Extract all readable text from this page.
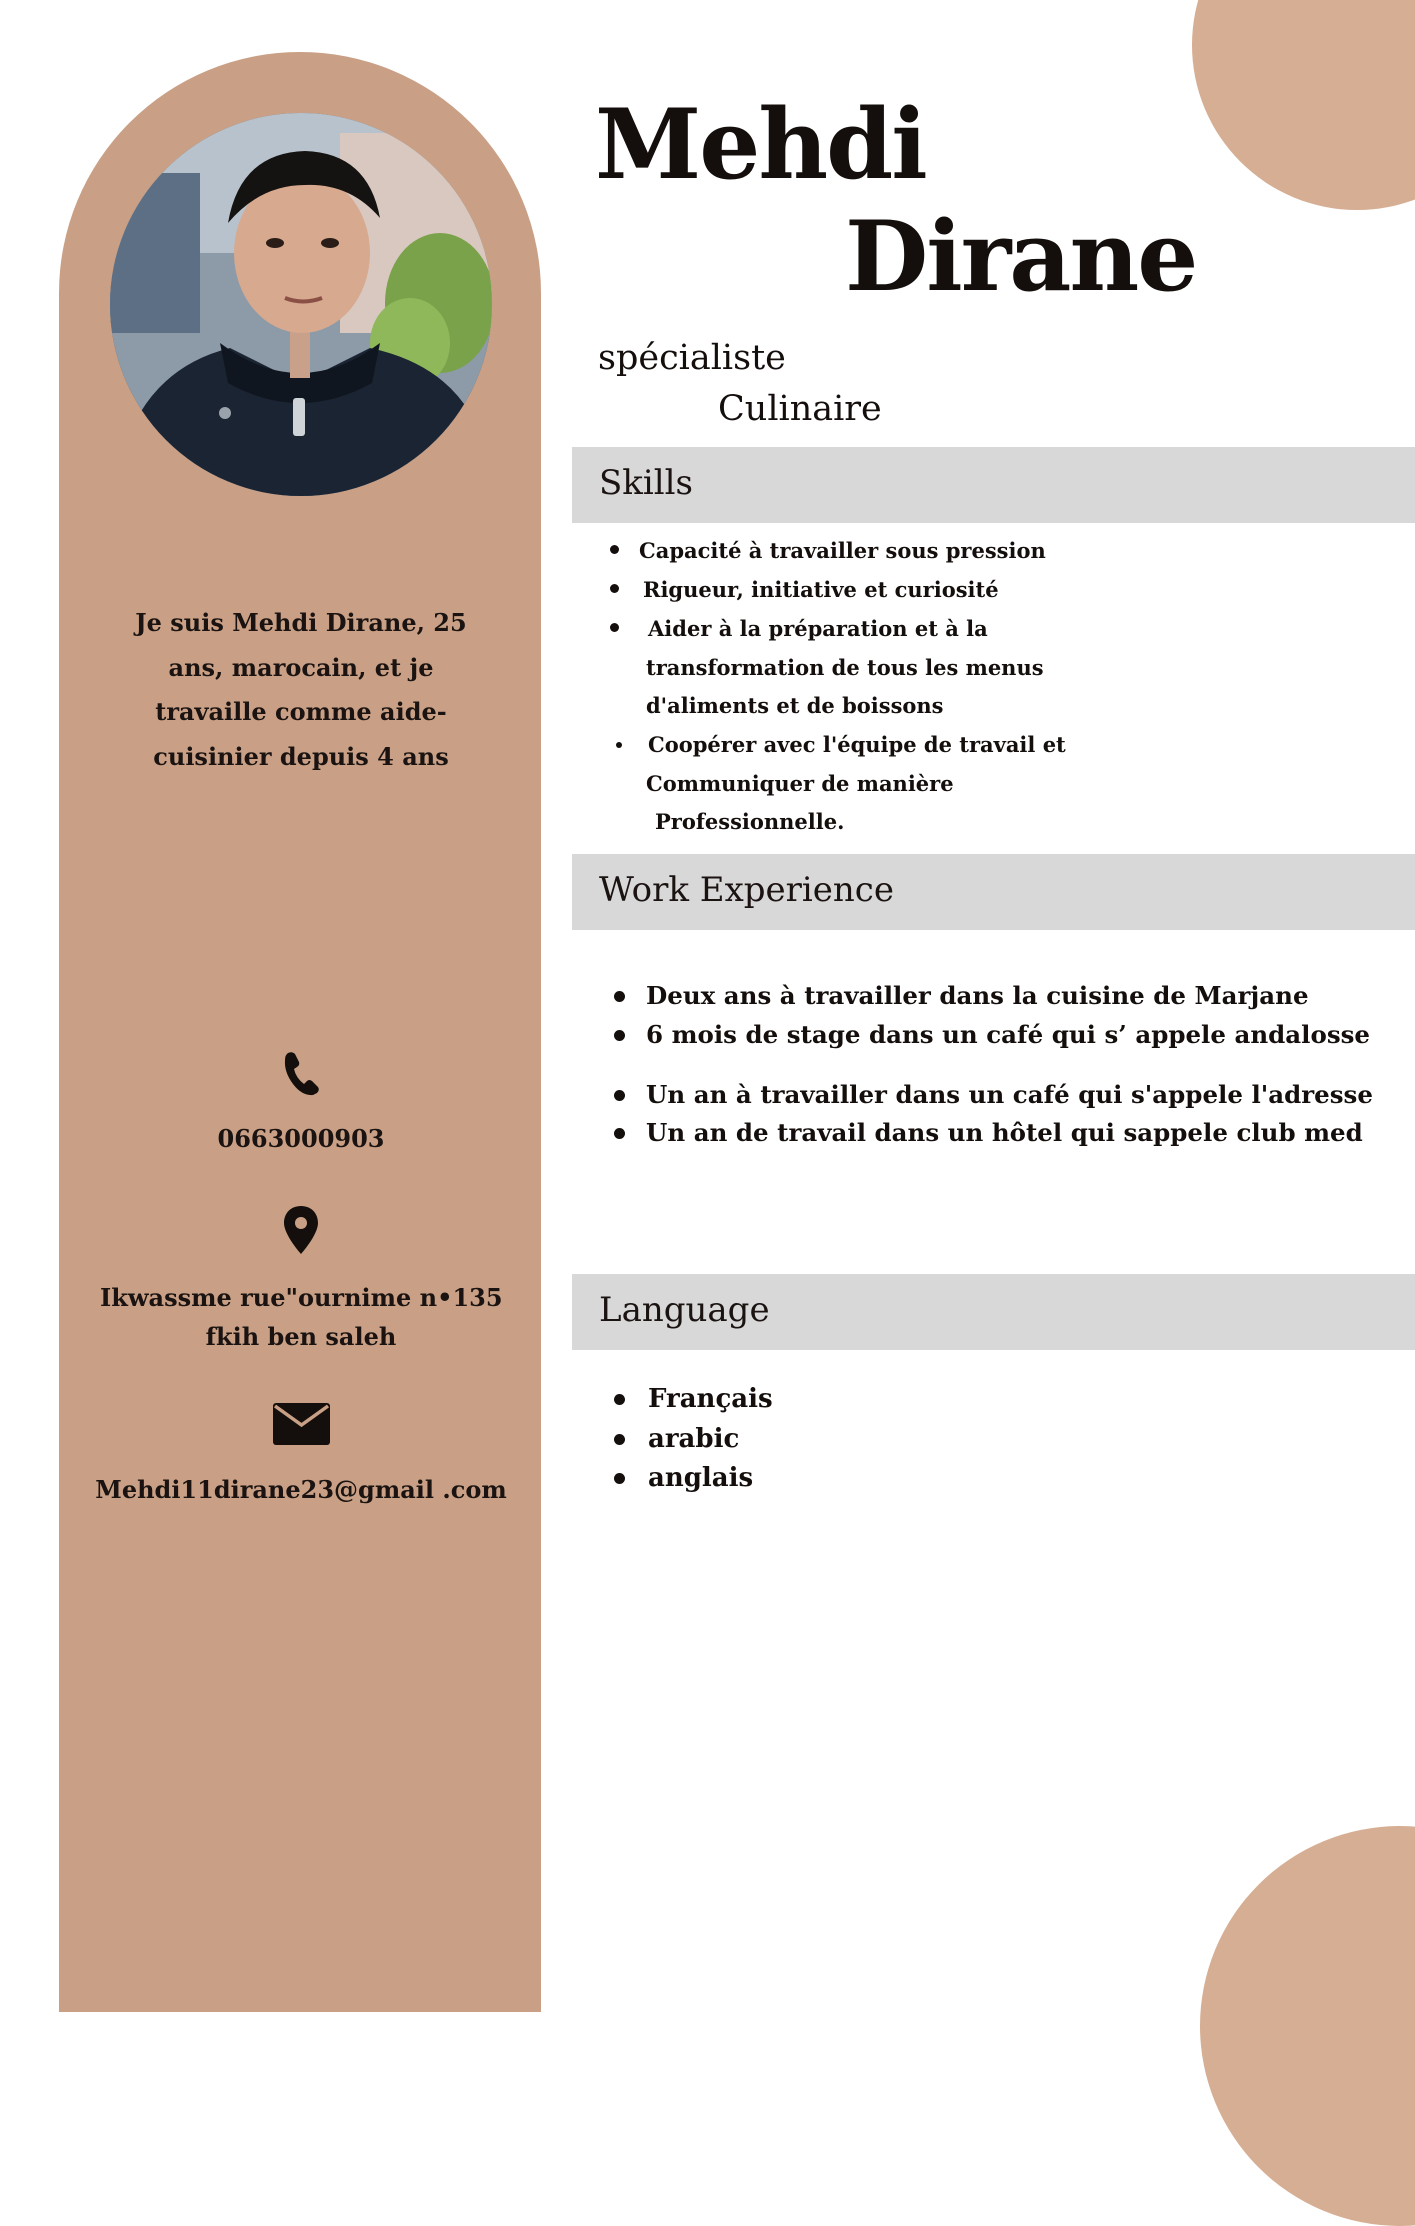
Je suis Mehdi Dirane, 25
ans, marocain, et je
travaille comme aide-
cuisinier depuis 4 ans
0663000903
Ikwassme rue"ournime n•135
fkih ben saleh
Mehdi11dirane23@gmail .com
Mehdi
Dirane
spécialiste
Culinaire
Skills
Capacité à travailler sous pression
Rigueur, initiative et curiosité
Aider à la préparation et à la
transformation de tous les menus
d'aliments et de boissons
Coopérer avec l'équipe de travail et
Communiquer de manière
Professionnelle.
Work Experience
Deux ans à travailler dans la cuisine de Marjane
6 mois de stage dans un café qui s’ appele andalosse
Un an à travailler dans un café qui s'appele l'adresse
Un an de travail dans un hôtel qui sappele club med
Language
Français
arabic
anglais
